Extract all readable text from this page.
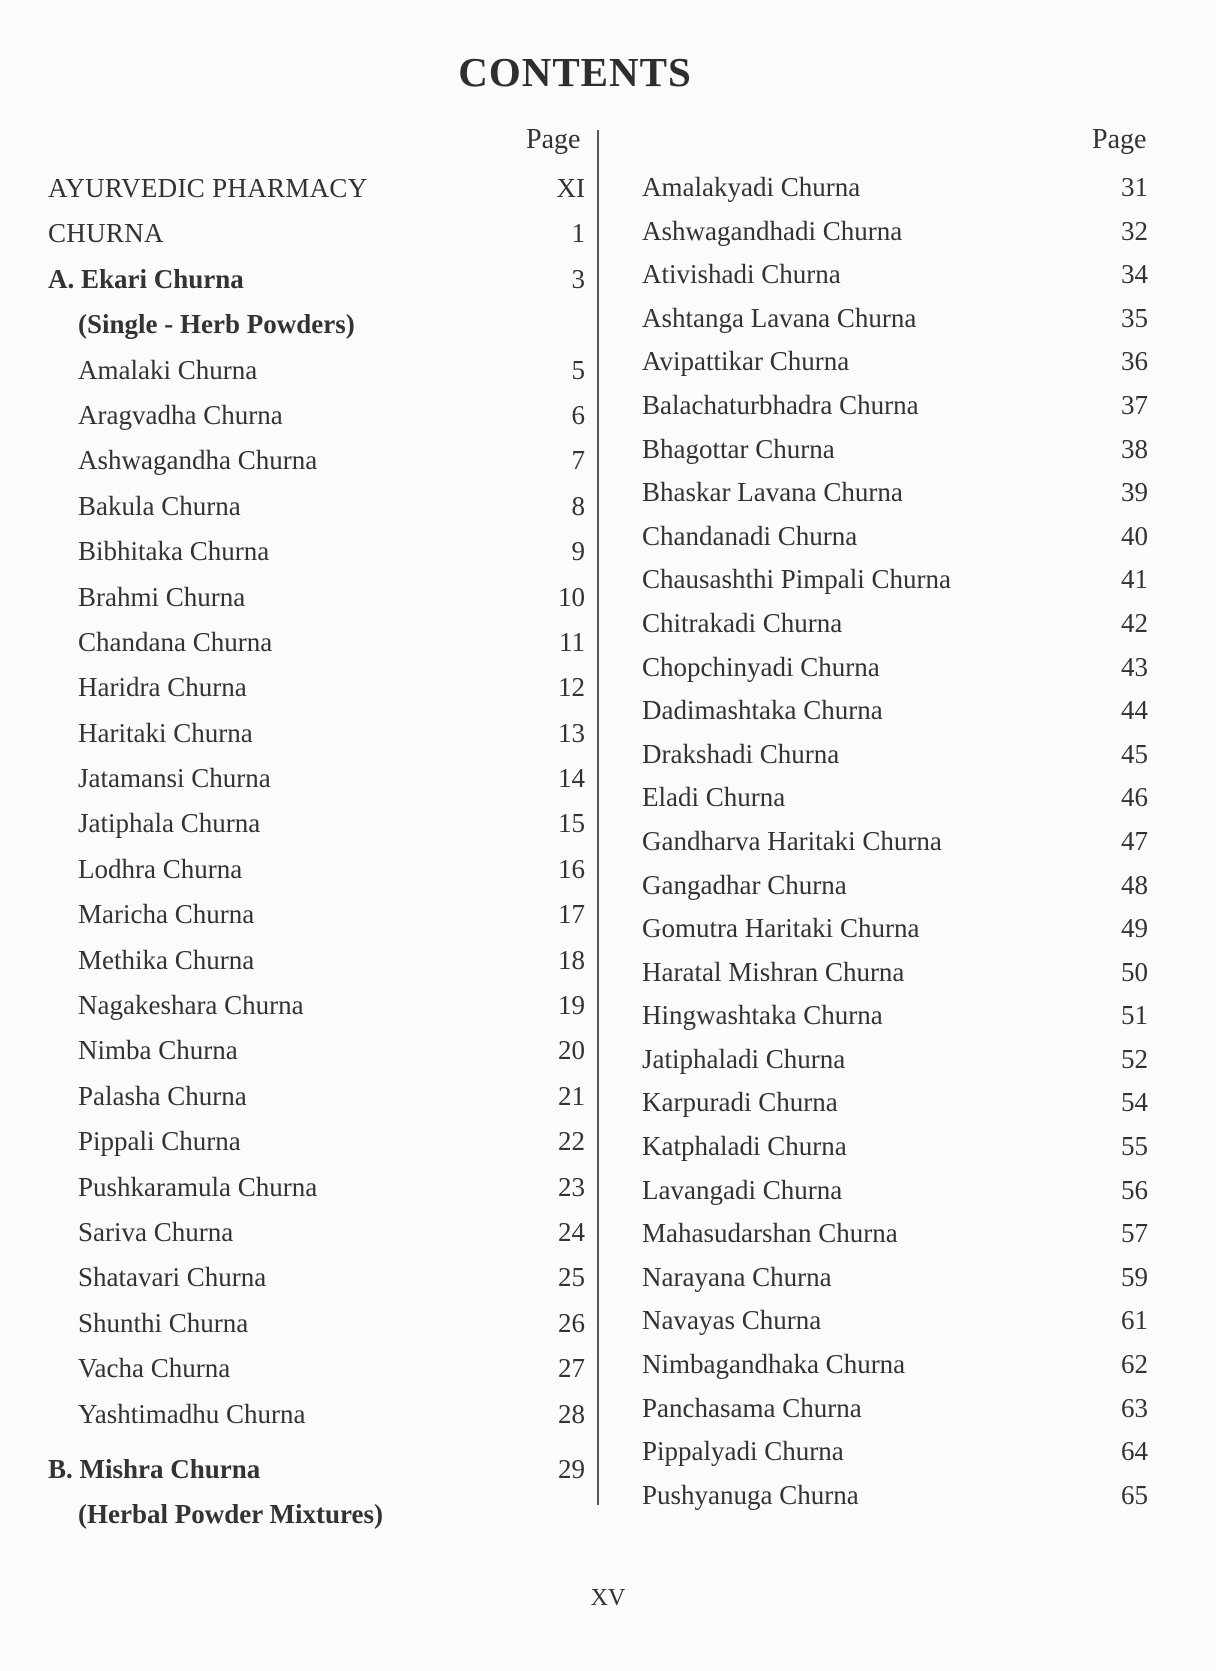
CONTENTS
Page	Page
AYURVEDIC PHARMACY	XI
CHURNA	1
A. Ekari Churna	3
(Single - Herb Powders)
Amalaki Churna	5
Aragvadha Churna	6
Ashwagandha Churna	7
Bakula Churna	8
Bibhitaka Churna	9
Brahmi Churna	10
Chandana Churna	11
Haridra Churna	12
Haritaki Churna	13
Jatamansi Churna	14
Jatiphala Churna	15
Lodhra Churna	16
Maricha Churna	17
Methika Churna	18
Nagakeshara Churna	19
Nimba Churna	20
Palasha Churna	21
Pippali Churna	22
Pushkaramula Churna	23
Sariva Churna	24
Shatavari Churna	25
Shunthi Churna	26
Vacha Churna	27
Yashtimadhu Churna	28
B. Mishra Churna	29
(Herbal Powder Mixtures)
Amalakyadi Churna	31
Ashwagandhadi Churna	32
Ativishadi Churna	34
Ashtanga Lavana Churna	35
Avipattikar Churna	36
Balachaturbhadra Churna	37
Bhagottar Churna	38
Bhaskar Lavana Churna	39
Chandanadi Churna	40
Chausashthi Pimpali Churna	41
Chitrakadi Churna	42
Chopchinyadi Churna	43
Dadimashtaka Churna	44
Drakshadi Churna	45
Eladi Churna	46
Gandharva Haritaki Churna	47
Gangadhar Churna	48
Gomutra Haritaki Churna	49
Haratal Mishran Churna	50
Hingwashtaka Churna	51
Jatiphaladi Churna	52
Karpuradi Churna	54
Katphaladi Churna	55
Lavangadi Churna	56
Mahasudarshan Churna	57
Narayana Churna	59
Navayas Churna	61
Nimbagandhaka Churna	62
Panchasama Churna	63
Pippalyadi Churna	64
Pushyanuga Churna	65
XV
